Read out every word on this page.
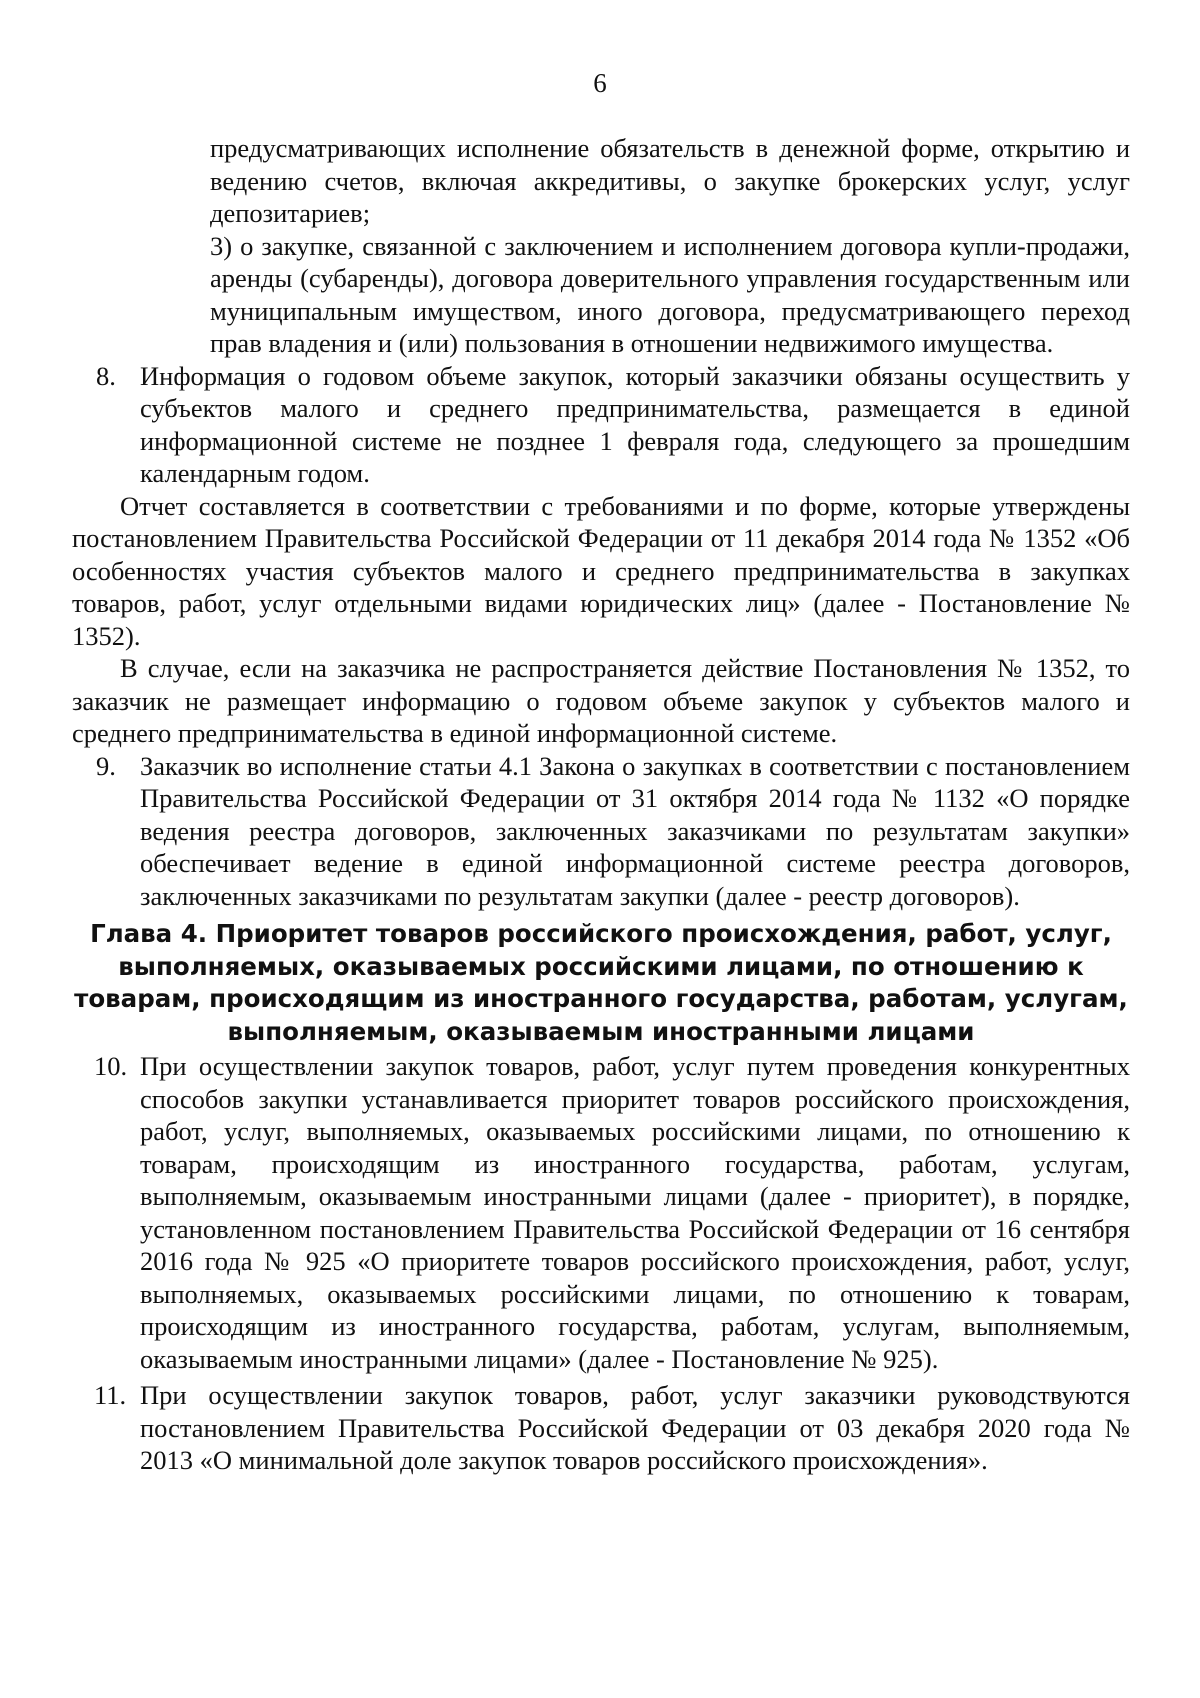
6

предусматривающих исполнение обязательств в денежной форме, открытию и ведению счетов, включая аккредитивы, о закупке брокерских услуг, услуг депозитариев;

3) о закупке, связанной с заключением и исполнением договора купли-продажи, аренды (субаренды), договора доверительного управления государственным или муниципальным имуществом, иного договора, предусматривающего переход прав владения и (или) пользования в отношении недвижимого имущества.

8. Информация о годовом объеме закупок, который заказчики обязаны осуществить у субъектов малого и среднего предпринимательства, размещается в единой информационной системе не позднее 1 февраля года, следующего за прошедшим календарным годом.

Отчет составляется в соответствии с требованиями и по форме, которые утверждены постановлением Правительства Российской Федерации от 11 декабря 2014 года № 1352 «Об особенностях участия субъектов малого и среднего предпринимательства в закупках товаров, работ, услуг отдельными видами юридических лиц» (далее - Постановление № 1352).

В случае, если на заказчика не распространяется действие Постановления № 1352, то заказчик не размещает информацию о годовом объеме закупок у субъектов малого и среднего предпринимательства в единой информационной системе.

9. Заказчик во исполнение статьи 4.1 Закона о закупках в соответствии с постановлением Правительства Российской Федерации от 31 октября 2014 года № 1132 «О порядке ведения реестра договоров, заключенных заказчиками по результатам закупки» обеспечивает ведение в единой информационной системе реестра договоров, заключенных заказчиками по результатам закупки (далее - реестр договоров).
Глава 4. Приоритет товаров российского происхождения, работ, услуг,
выполняемых, оказываемых российскими лицами, по отношению к
товарам, происходящим из иностранного государства, работам, услугам,
выполняемым, оказываемым иностранными лицами
10. При осуществлении закупок товаров, работ, услуг путем проведения конкурентных способов закупки устанавливается приоритет товаров российского происхождения, работ, услуг, выполняемых, оказываемых российскими лицами, по отношению к товарам, происходящим из иностранного государства, работам, услугам, выполняемым, оказываемым иностранными лицами (далее - приоритет), в порядке, установленном постановлением Правительства Российской Федерации от 16 сентября 2016 года № 925 «О приоритете товаров российского происхождения, работ, услуг, выполняемых, оказываемых российскими лицами, по отношению к товарам, происходящим из иностранного государства, работам, услугам, выполняемым, оказываемым иностранными лицами» (далее - Постановление № 925).
11. При осуществлении закупок товаров, работ, услуг заказчики руководствуются постановлением Правительства Российской Федерации от 03 декабря 2020 года № 2013 «О минимальной доле закупок товаров российского происхождения».
